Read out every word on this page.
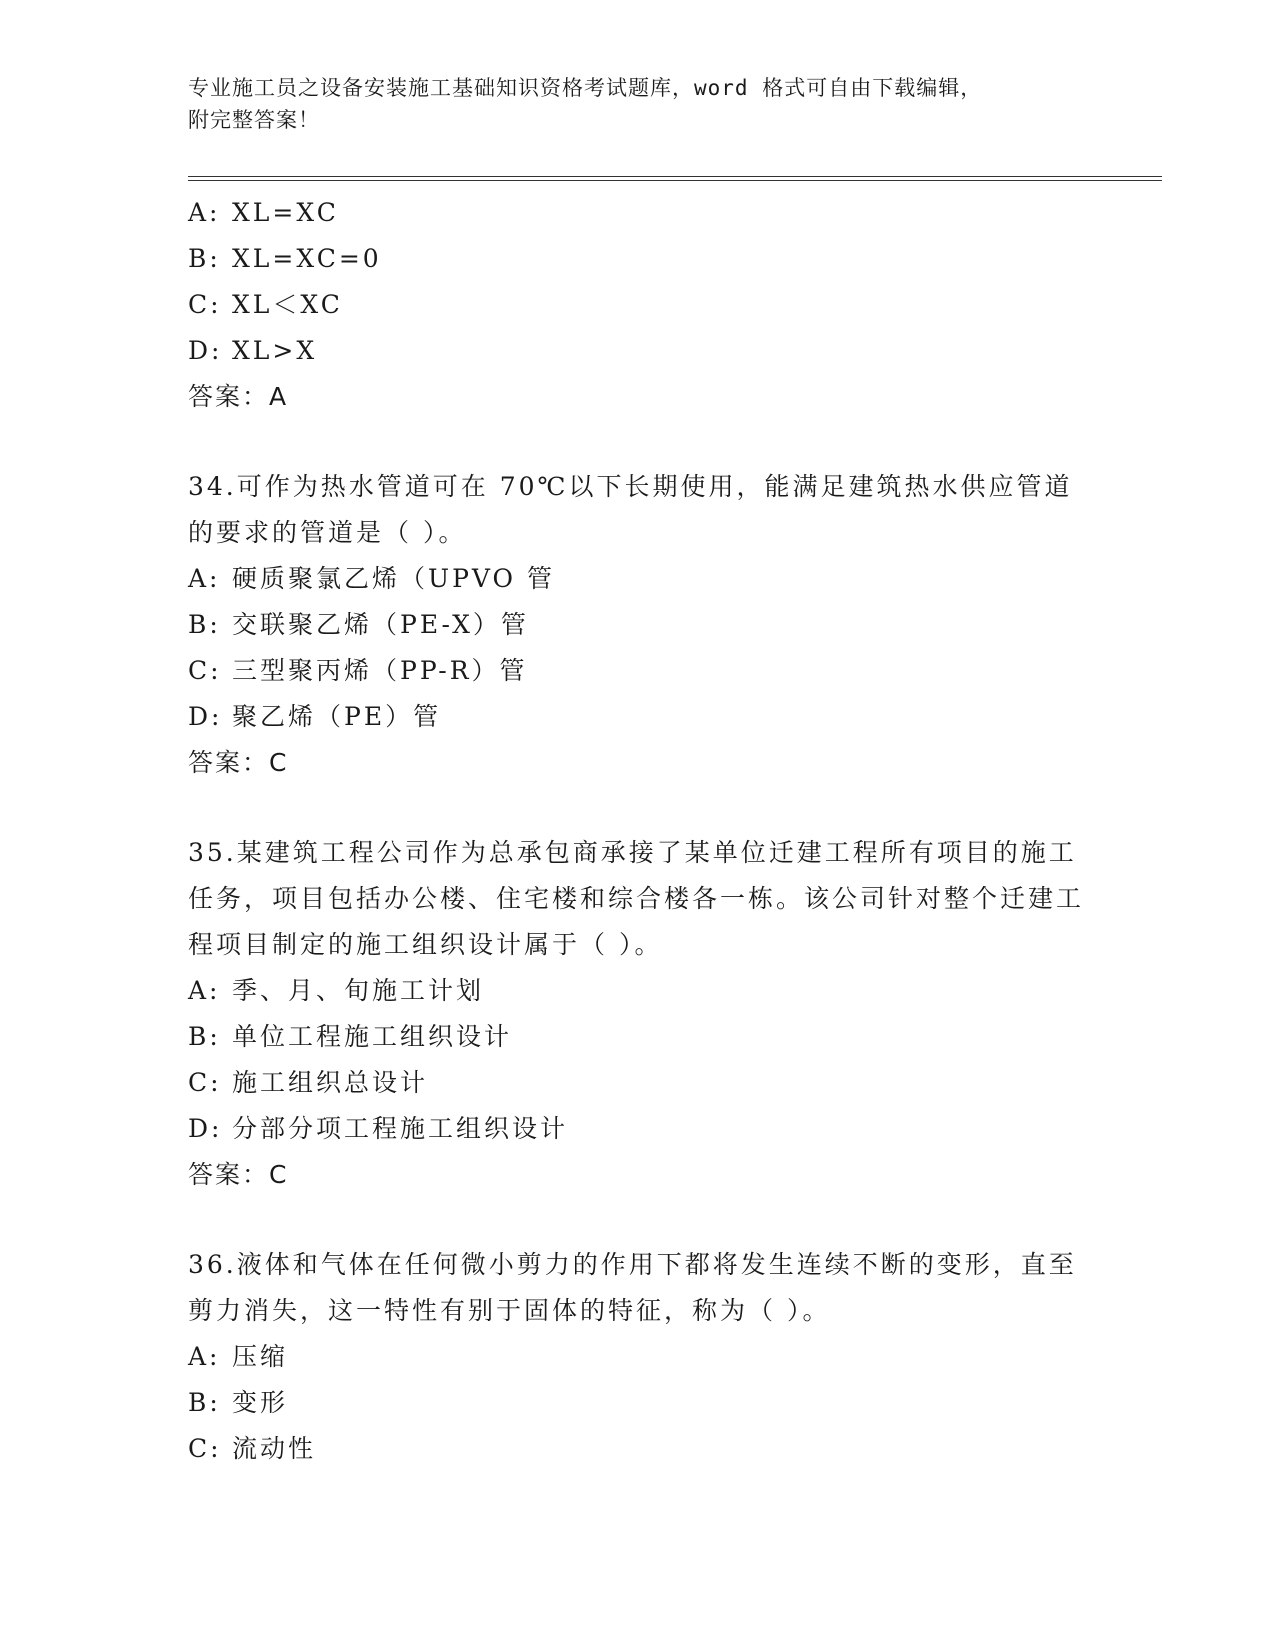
专业施工员之设备安装施工基础知识资格考试题库，word 格式可自由下载编辑，
附完整答案！
A: XL=XC
B: XL=XC=0
C: XL＜XC
D: XL>X
答案：A
34.可作为热水管道可在 70℃以下长期使用，能满足建筑热水供应管道的要求的管道是（ ）。
A: 硬质聚氯乙烯（UPVO 管
B: 交联聚乙烯（PE-X）管
C: 三型聚丙烯（PP-R）管
D: 聚乙烯（PE）管
答案：C
35.某建筑工程公司作为总承包商承接了某单位迁建工程所有项目的施工任务，项目包括办公楼、住宅楼和综合楼各一栋。该公司针对整个迁建工程项目制定的施工组织设计属于（ ）。
A: 季、月、旬施工计划
B: 单位工程施工组织设计
C: 施工组织总设计
D: 分部分项工程施工组织设计
答案：C
36.液体和气体在任何微小剪力的作用下都将发生连续不断的变形，直至剪力消失，这一特性有别于固体的特征，称为（ ）。
A: 压缩
B: 变形
C: 流动性
